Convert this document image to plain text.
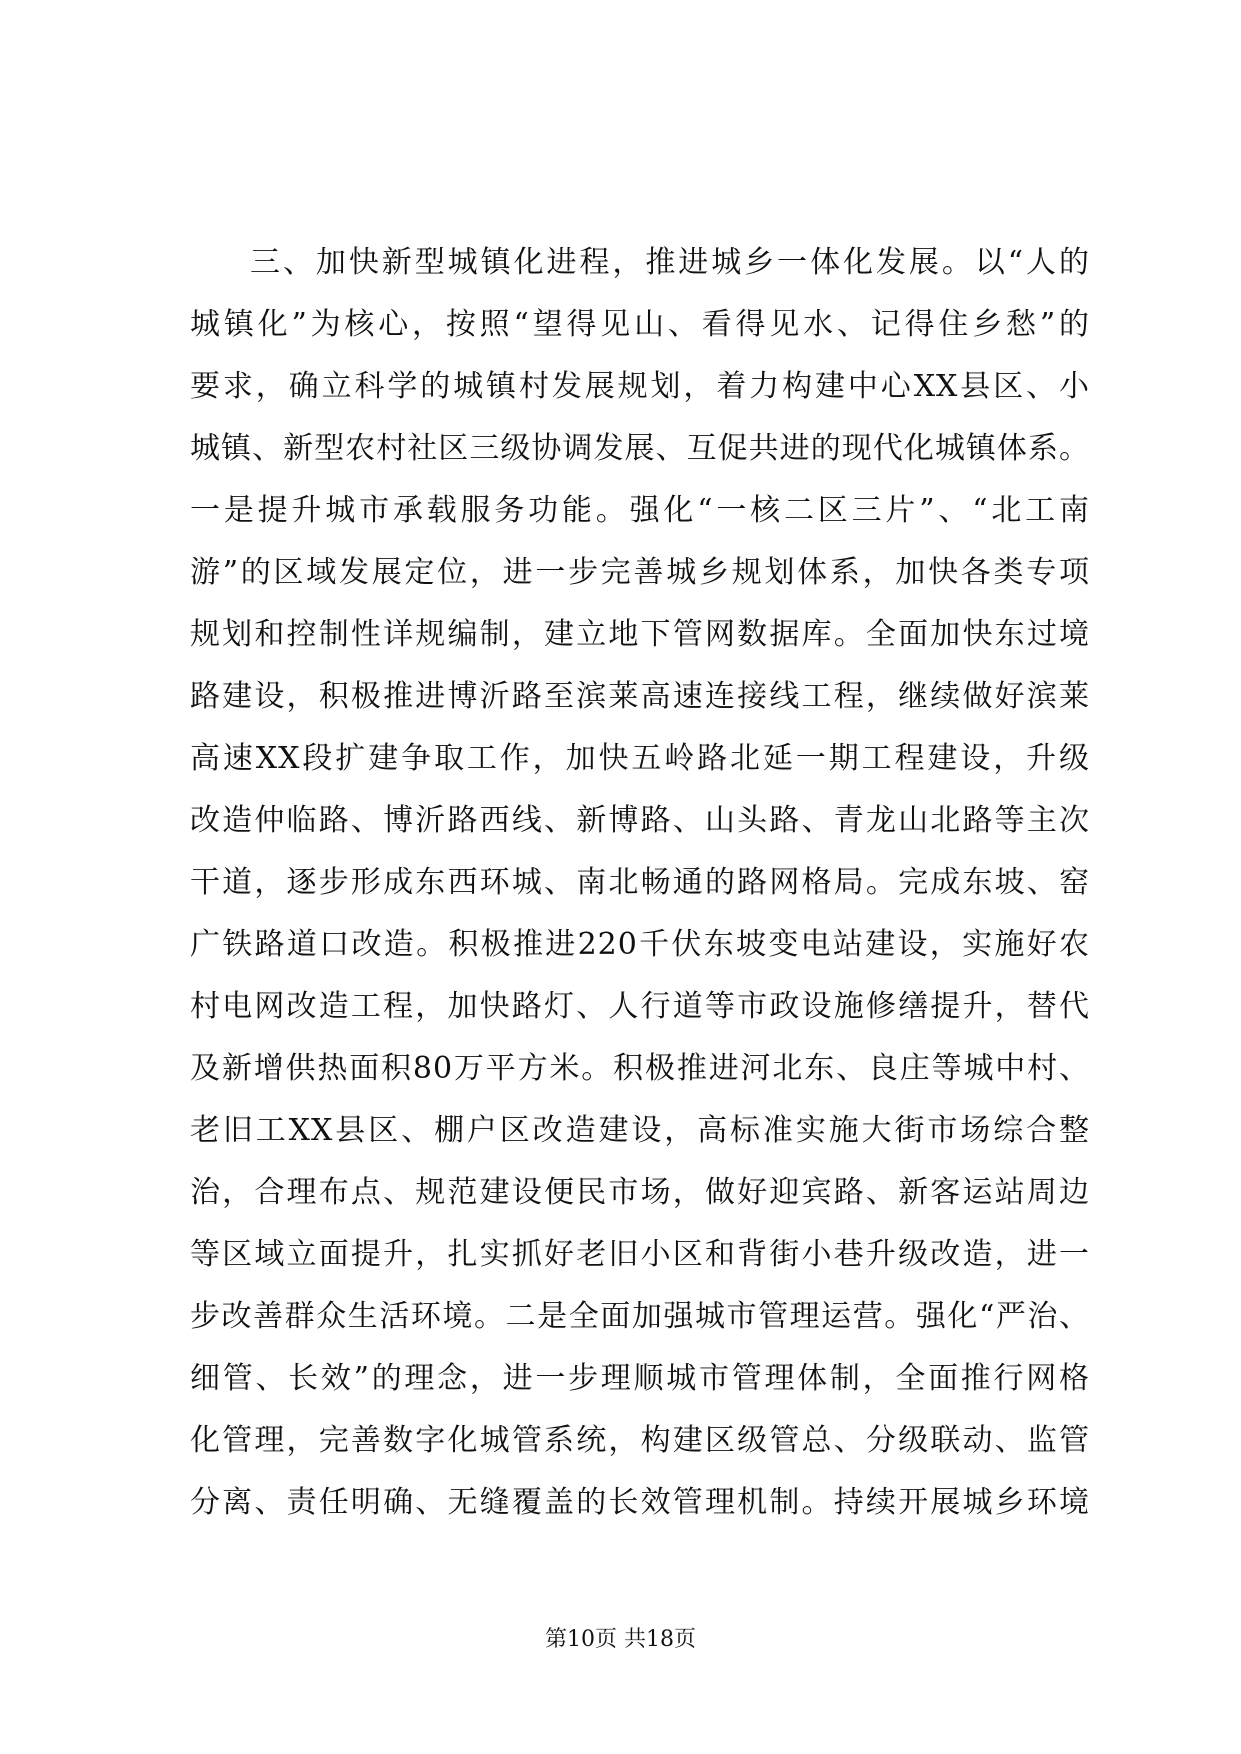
三、加快新型城镇化进程，推进城乡一体化发展。以“人的
城镇化”为核心，按照“望得见山、看得见水、记得住乡愁”的
要求，确立科学的城镇村发展规划，着力构建中心XX县区、小
城镇、新型农村社区三级协调发展、互促共进的现代化城镇体系。
一是提升城市承载服务功能。强化“一核二区三片”、“北工南
游”的区域发展定位，进一步完善城乡规划体系，加快各类专项
规划和控制性详规编制，建立地下管网数据库。全面加快东过境
路建设，积极推进博沂路至滨莱高速连接线工程，继续做好滨莱
高速XX段扩建争取工作，加快五岭路北延一期工程建设，升级
改造仲临路、博沂路西线、新博路、山头路、青龙山北路等主次
干道，逐步形成东西环城、南北畅通的路网格局。完成东坡、窑
广铁路道口改造。积极推进220千伏东坡变电站建设，实施好农
村电网改造工程，加快路灯、人行道等市政设施修缮提升，替代
及新增供热面积80万平方米。积极推进河北东、良庄等城中村、
老旧工XX县区、棚户区改造建设，高标准实施大街市场综合整
治，合理布点、规范建设便民市场，做好迎宾路、新客运站周边
等区域立面提升，扎实抓好老旧小区和背街小巷升级改造，进一
步改善群众生活环境。二是全面加强城市管理运营。强化“严治、
细管、长效”的理念，进一步理顺城市管理体制，全面推行网格
化管理，完善数字化城管系统，构建区级管总、分级联动、监管
分离、责任明确、无缝覆盖的长效管理机制。持续开展城乡环境
第10页 共18页
